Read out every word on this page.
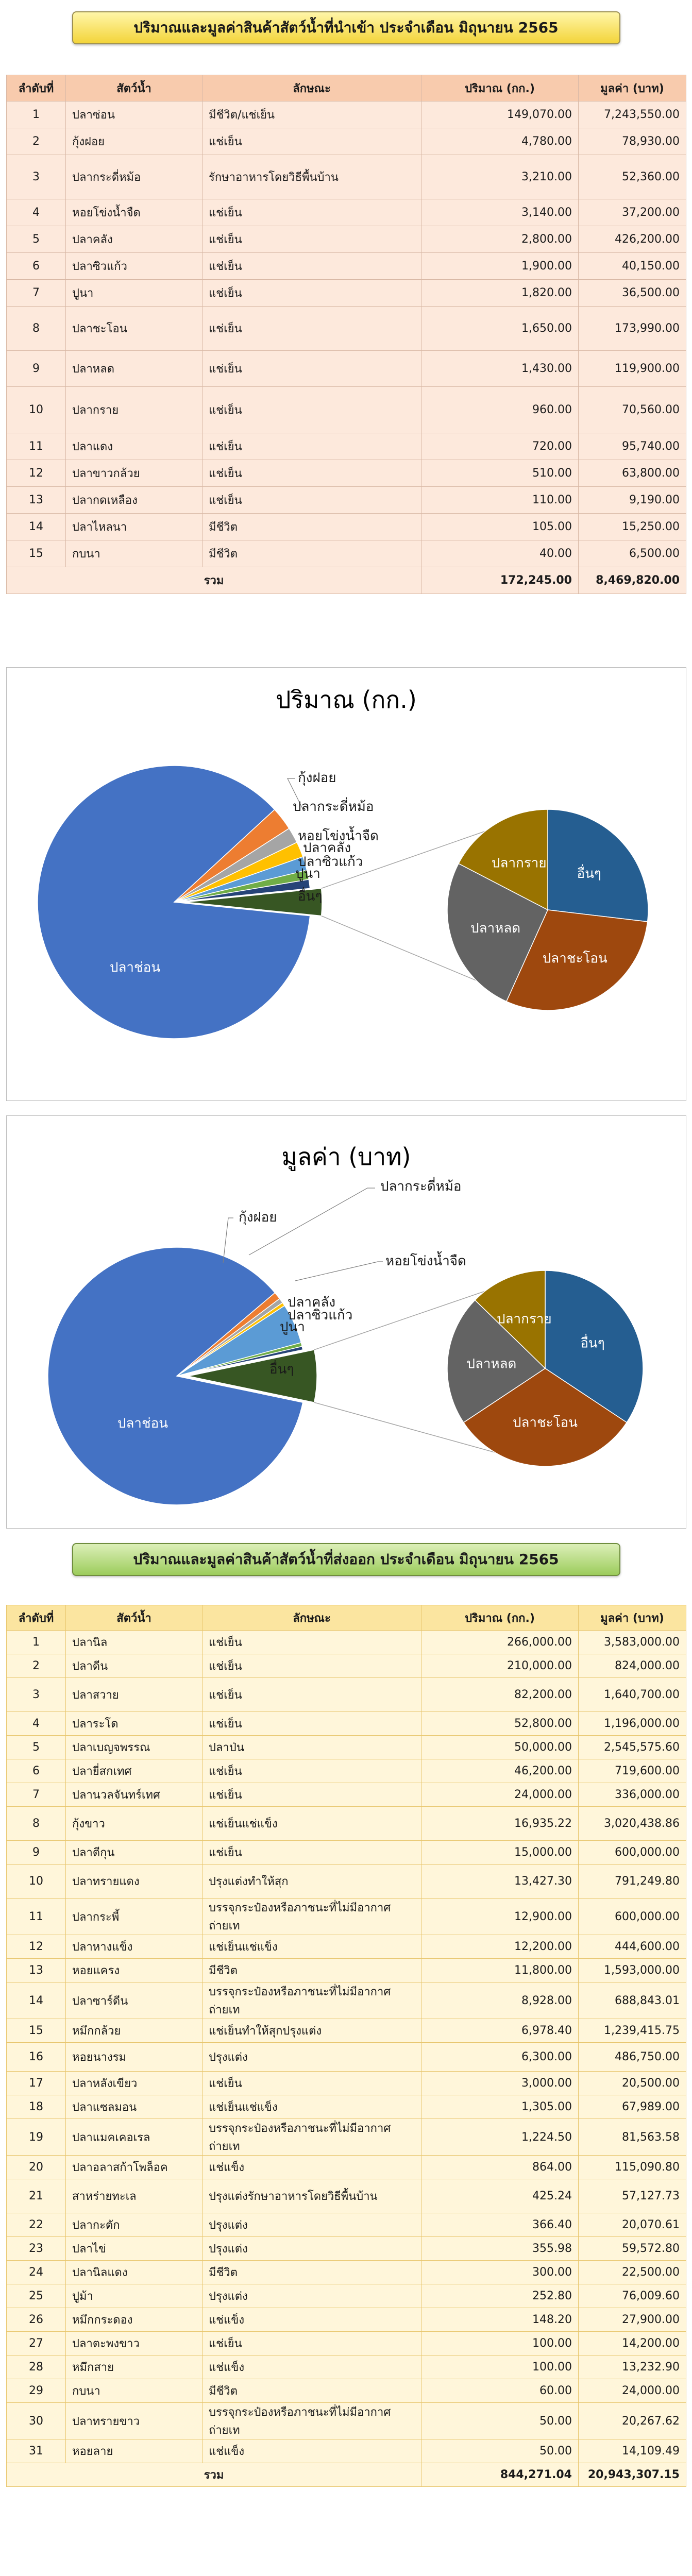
ปริมาณและมูลค่าสินค้าสัตว์น้ำที่นำเข้า ประจำเดือน มิถุนายน 2565
ลำดับที่	สัตว์น้ำ	ลักษณะ	ปริมาณ (กก.)	มูลค่า (บาท)
1	ปลาซ่อน	มีชีวิต/แช่เย็น	149,070.00	7,243,550.00
2	กุ้งฝอย	แช่เย็น	4,780.00	78,930.00
3	ปลากระดี่หม้อ	รักษาอาหารโดยวิธีพื้นบ้าน	3,210.00	52,360.00
4	หอยโข่งน้ำจืด	แช่เย็น	3,140.00	37,200.00
5	ปลาคลัง	แช่เย็น	2,800.00	426,200.00
6	ปลาซิวแก้ว	แช่เย็น	1,900.00	40,150.00
7	ปูนา	แช่เย็น	1,820.00	36,500.00
8	ปลาชะโอน	แช่เย็น	1,650.00	173,990.00
9	ปลาหลด	แช่เย็น	1,430.00	119,900.00
10	ปลากราย	แช่เย็น	960.00	70,560.00
11	ปลาแดง	แช่เย็น	720.00	95,740.00
12	ปลาขาวกล้วย	แช่เย็น	510.00	63,800.00
13	ปลากดเหลือง	แช่เย็น	110.00	9,190.00
14	ปลาไหลนา	มีชีวิต	105.00	15,250.00
15	กบนา	มีชีวิต	40.00	6,500.00
รวม			172,245.00	8,469,820.00
ปริมาณ (กก.)
ปลาช่อน
กุ้งฝอย
ปลากระดี่หม้อ
หอยโข่งน้ำจืด
ปลาคลัง
ปลาซิวแก้ว
ปูนา
อื่นๆ
อื่นๆ
ปลาชะโอน
ปลาหลด
ปลากราย
มูลค่า (บาท)
ปลาช่อน
กุ้งฝอย
ปลากระดี่หม้อ
หอยโข่งน้ำจืด
ปลาคลัง
ปลาซิวแก้ว
ปูนา
อื่นๆ
อื่นๆ
ปลาชะโอน
ปลาหลด
ปลากราย
ปริมาณและมูลค่าสินค้าสัตว์น้ำที่ส่งออก ประจำเดือน มิถุนายน 2565
ลำดับที่	สัตว์น้ำ	ลักษณะ	ปริมาณ (กก.)	มูลค่า (บาท)
1	ปลานิล	แช่เย็น	266,000.00	3,583,000.00
2	ปลาดีน	แช่เย็น	210,000.00	824,000.00
3	ปลาสวาย	แช่เย็น	82,200.00	1,640,700.00
4	ปลาระโด	แช่เย็น	52,800.00	1,196,000.00
5	ปลาเบญจพรรณ	ปลาป่น	50,000.00	2,545,575.60
6	ปลายี่สกเทศ	แช่เย็น	46,200.00	719,600.00
7	ปลานวลจันทร์เทศ	แช่เย็น	24,000.00	336,000.00
8	กุ้งขาว	แช่เย็นแช่แข็ง	16,935.22	3,020,438.86
9	ปลาตีกุน	แช่เย็น	15,000.00	600,000.00
10	ปลาทรายแดง	ปรุงแต่งทำให้สุก	13,427.30	791,249.80
11	ปลากระพี้	บรรจุกระป๋องหรือภาชนะที่ไม่มีอากาศถ่ายเท	12,900.00	600,000.00
12	ปลาหางแข็ง	แช่เย็นแช่แข็ง	12,200.00	444,600.00
13	หอยแครง	มีชีวิต	11,800.00	1,593,000.00
14	ปลาซาร์ดีน	บรรจุกระป๋องหรือภาชนะที่ไม่มีอากาศถ่ายเท	8,928.00	688,843.01
15	หมึกกล้วย	แช่เย็นทำให้สุกปรุงแต่ง	6,978.40	1,239,415.75
16	หอยนางรม	ปรุงแต่ง	6,300.00	486,750.00
17	ปลาหลังเขียว	แช่เย็น	3,000.00	20,500.00
18	ปลาแซลมอน	แช่เย็นแช่แข็ง	1,305.00	67,989.00
19	ปลาแมคเคอเรล	บรรจุกระป๋องหรือภาชนะที่ไม่มีอากาศถ่ายเท	1,224.50	81,563.58
20	ปลาอลาสก้าโพล็อค	แช่แข็ง	864.00	115,090.80
21	สาหร่ายทะเล	ปรุงแต่งรักษาอาหารโดยวิธีพื้นบ้าน	425.24	57,127.73
22	ปลากะตัก	ปรุงแต่ง	366.40	20,070.61
23	ปลาไข่	ปรุงแต่ง	355.98	59,572.80
24	ปลานิลแดง	มีชีวิต	300.00	22,500.00
25	ปูม้า	ปรุงแต่ง	252.80	76,009.60
26	หมึกกระดอง	แช่แข็ง	148.20	27,900.00
27	ปลาตะพงขาว	แช่เย็น	100.00	14,200.00
28	หมึกสาย	แช่แข็ง	100.00	13,232.90
29	กบนา	มีชีวิต	60.00	24,000.00
30	ปลาทรายขาว	บรรจุกระป๋องหรือภาชนะที่ไม่มีอากาศถ่ายเท	50.00	20,267.62
31	หอยลาย	แช่แข็ง	50.00	14,109.49
รวม			844,271.04	20,943,307.15
